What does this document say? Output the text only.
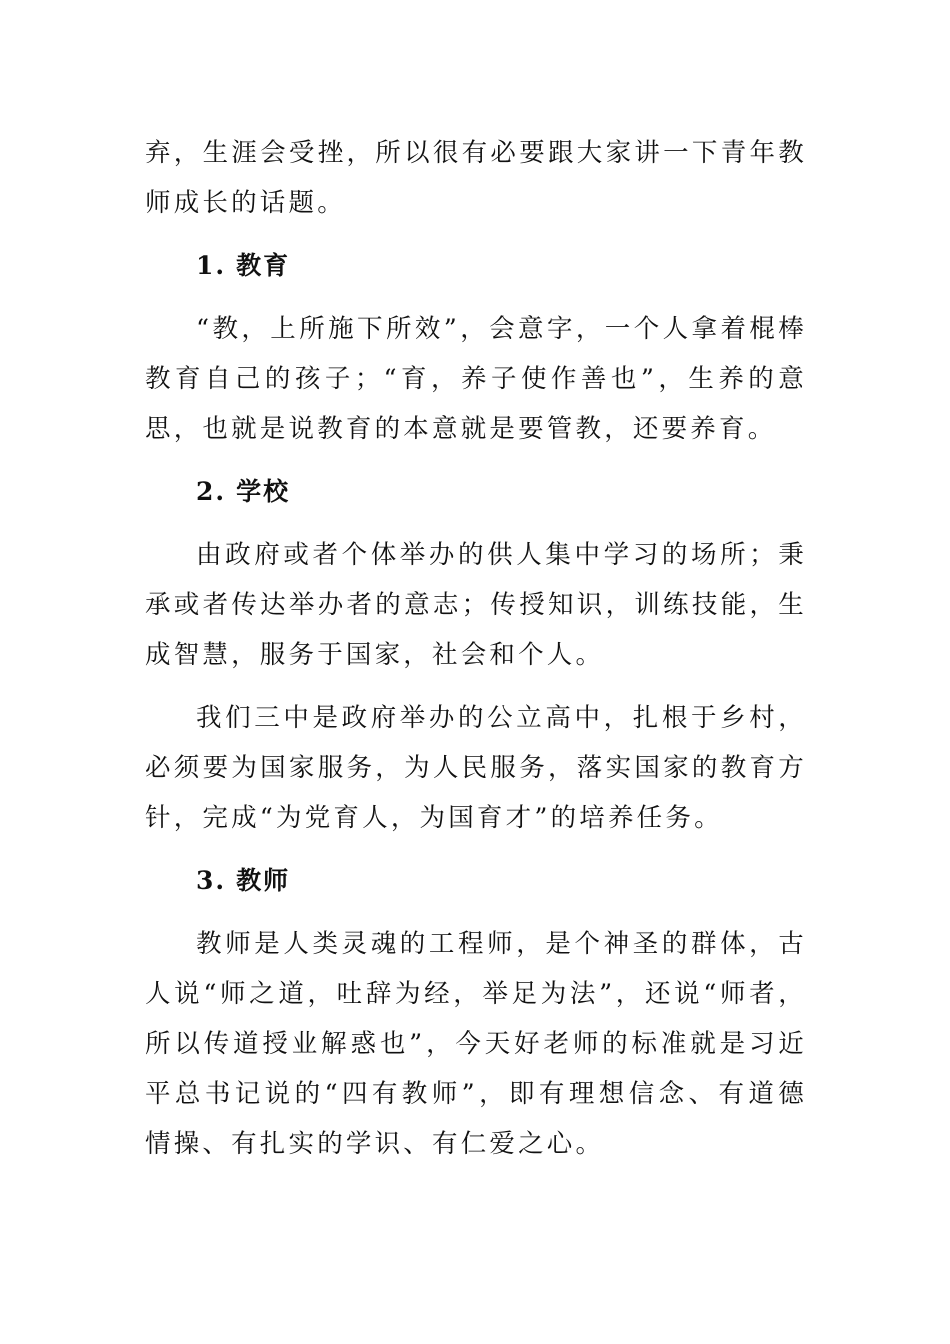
弃，生涯会受挫，所以很有必要跟大家讲一下青年教师成长的话题。

1. 教育

“教，上所施下所效”，会意字，一个人拿着棍棒教育自己的孩子；“育，养子使作善也”，生养的意思，也就是说教育的本意就是要管教，还要养育。

2. 学校

由政府或者个体举办的供人集中学习的场所；秉承或者传达举办者的意志；传授知识，训练技能，生成智慧，服务于国家，社会和个人。

我们三中是政府举办的公立高中，扎根于乡村，必须要为国家服务，为人民服务，落实国家的教育方针，完成“为党育人，为国育才”的培养任务。

3. 教师

教师是人类灵魂的工程师，是个神圣的群体，古人说“师之道，吐辞为经，举足为法”，还说“师者，所以传道授业解惑也”，今天好老师的标准就是习近平总书记说的“四有教师”，即有理想信念、有道德情操、有扎实的学识、有仁爱之心。
